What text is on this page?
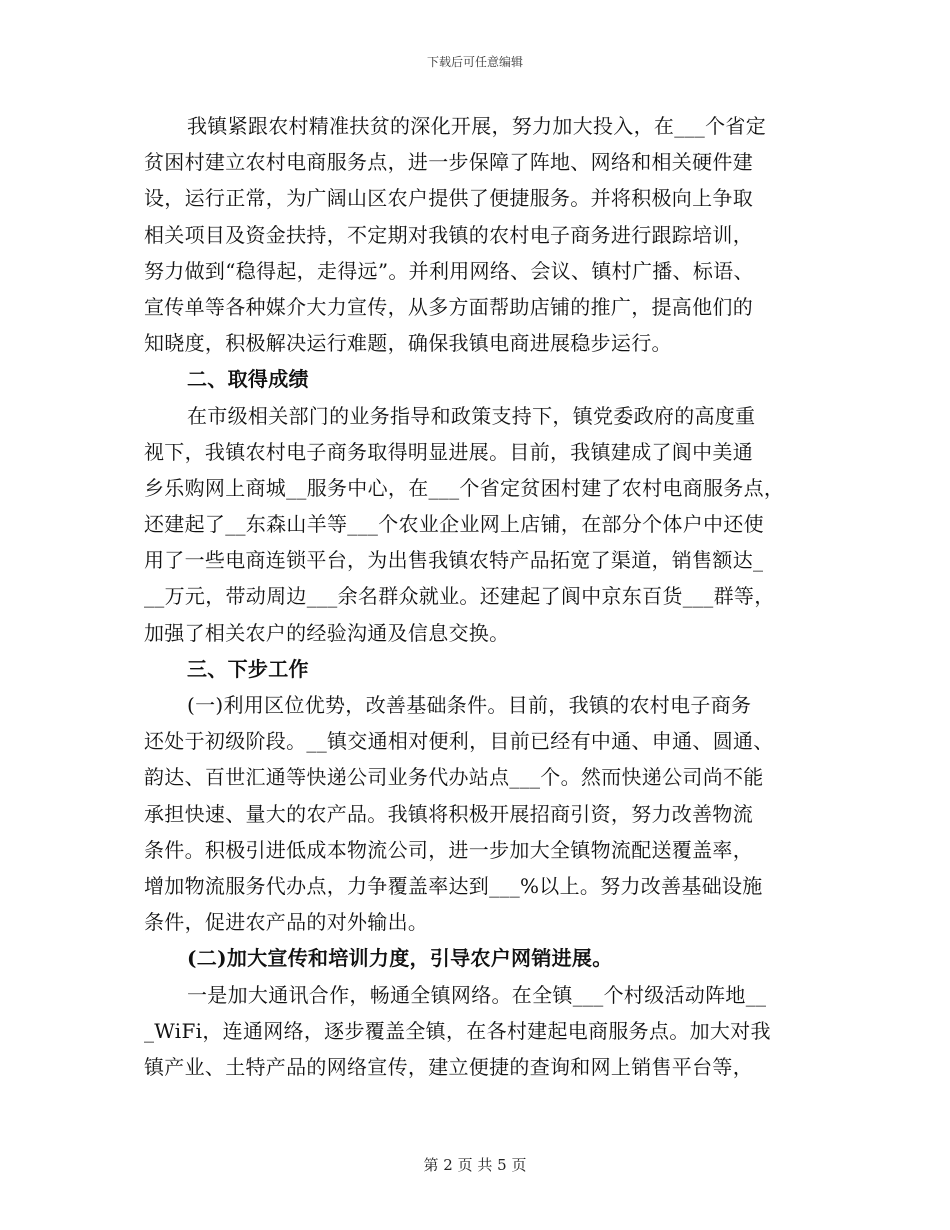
下载后可任意编辑
我镇紧跟农村精准扶贫的深化开展，努力加大投入，在___个省定
贫困村建立农村电商服务点，进一步保障了阵地、网络和相关硬件建
设，运行正常，为广阔山区农户提供了便捷服务。并将积极向上争取
相关项目及资金扶持，不定期对我镇的农村电子商务进行跟踪培训，
努力做到“稳得起，走得远”。并利用网络、会议、镇村广播、标语、
宣传单等各种媒介大力宣传，从多方面帮助店铺的推广，提高他们的
知晓度，积极解决运行难题，确保我镇电商进展稳步运行。
二、取得成绩
在市级相关部门的业务指导和政策支持下，镇党委政府的高度重
视下，我镇农村电子商务取得明显进展。目前，我镇建成了阆中美通
乡乐购网上商城__服务中心，在___个省定贫困村建了农村电商服务点，
还建起了__东森山羊等___个农业企业网上店铺，在部分个体户中还使
用了一些电商连锁平台，为出售我镇农特产品拓宽了渠道，销售额达_
__万元，带动周边___余名群众就业。还建起了阆中京东百货___群等，
加强了相关农户的经验沟通及信息交换。
三、下步工作
(一)利用区位优势，改善基础条件。目前，我镇的农村电子商务
还处于初级阶段。__镇交通相对便利，目前已经有中通、申通、圆通、
韵达、百世汇通等快递公司业务代办站点___个。然而快递公司尚不能
承担快速、量大的农产品。我镇将积极开展招商引资，努力改善物流
条件。积极引进低成本物流公司，进一步加大全镇物流配送覆盖率，
增加物流服务代办点，力争覆盖率达到___%以上。努力改善基础设施
条件，促进农产品的对外输出。
(二)加大宣传和培训力度，引导农户网销进展。
一是加大通讯合作，畅通全镇网络。在全镇___个村级活动阵地__
_WiFi，连通网络，逐步覆盖全镇，在各村建起电商服务点。加大对我
镇产业、土特产品的网络宣传，建立便捷的查询和网上销售平台等，
第 2 页 共 5 页
